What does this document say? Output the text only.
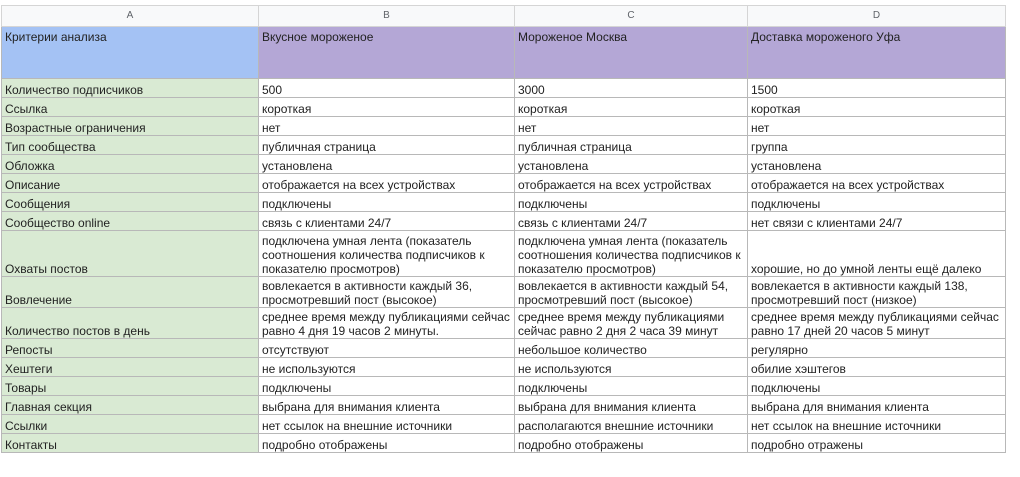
A	B	C	D
Критерии анализа	Вкусное мороженое	Мороженое Москва	Доставка мороженого Уфа
Количество подписчиков	500	3000	1500
Ссылка	короткая	короткая	короткая
Возрастные ограничения	нет	нет	нет
Тип сообщества	публичная страница	публичная страница	группа
Обложка	установлена	установлена	установлена
Описание	отображается на всех устройствах	отображается на всех устройствах	отображается на всех устройствах
Сообщения	подключены	подключены	подключены
Сообщество online	связь с клиентами 24/7	связь с клиентами 24/7	нет связи с клиентами 24/7
Охваты постов	подключена умная лента (показатель соотношения количества подписчиков к показателю просмотров)	подключена умная лента (показатель соотношения количества подписчиков к показателю просмотров)	хорошие, но до умной ленты ещё далеко
Вовлечение	вовлекается в активности каждый 36, просмотревший пост (высокое)	вовлекается в активности каждый 54, просмотревший пост (высокое)	вовлекается в активности каждый 138, просмотревший пост (низкое)
Количество постов в день	среднее время между публикациями сейчас равно 4 дня 19 часов 2 минуты.	среднее время между публикациями сейчас равно 2 дня 2 часа 39 минут	среднее время между публикациями сейчас равно 17 дней 20 часов 5 минут
Репосты	отсутствуют	небольшое количество	регулярно
Хештеги	не используются	не используются	обилие хэштегов
Товары	подключены	подключены	подключены
Главная секция	выбрана для внимания клиента	выбрана для внимания клиента	выбрана для внимания клиента
Ссылки	нет ссылок на внешние источники	располагаются внешние источники	нет ссылок на внешние источники
Контакты	подробно отображены	подробно отображены	подробно отражены
